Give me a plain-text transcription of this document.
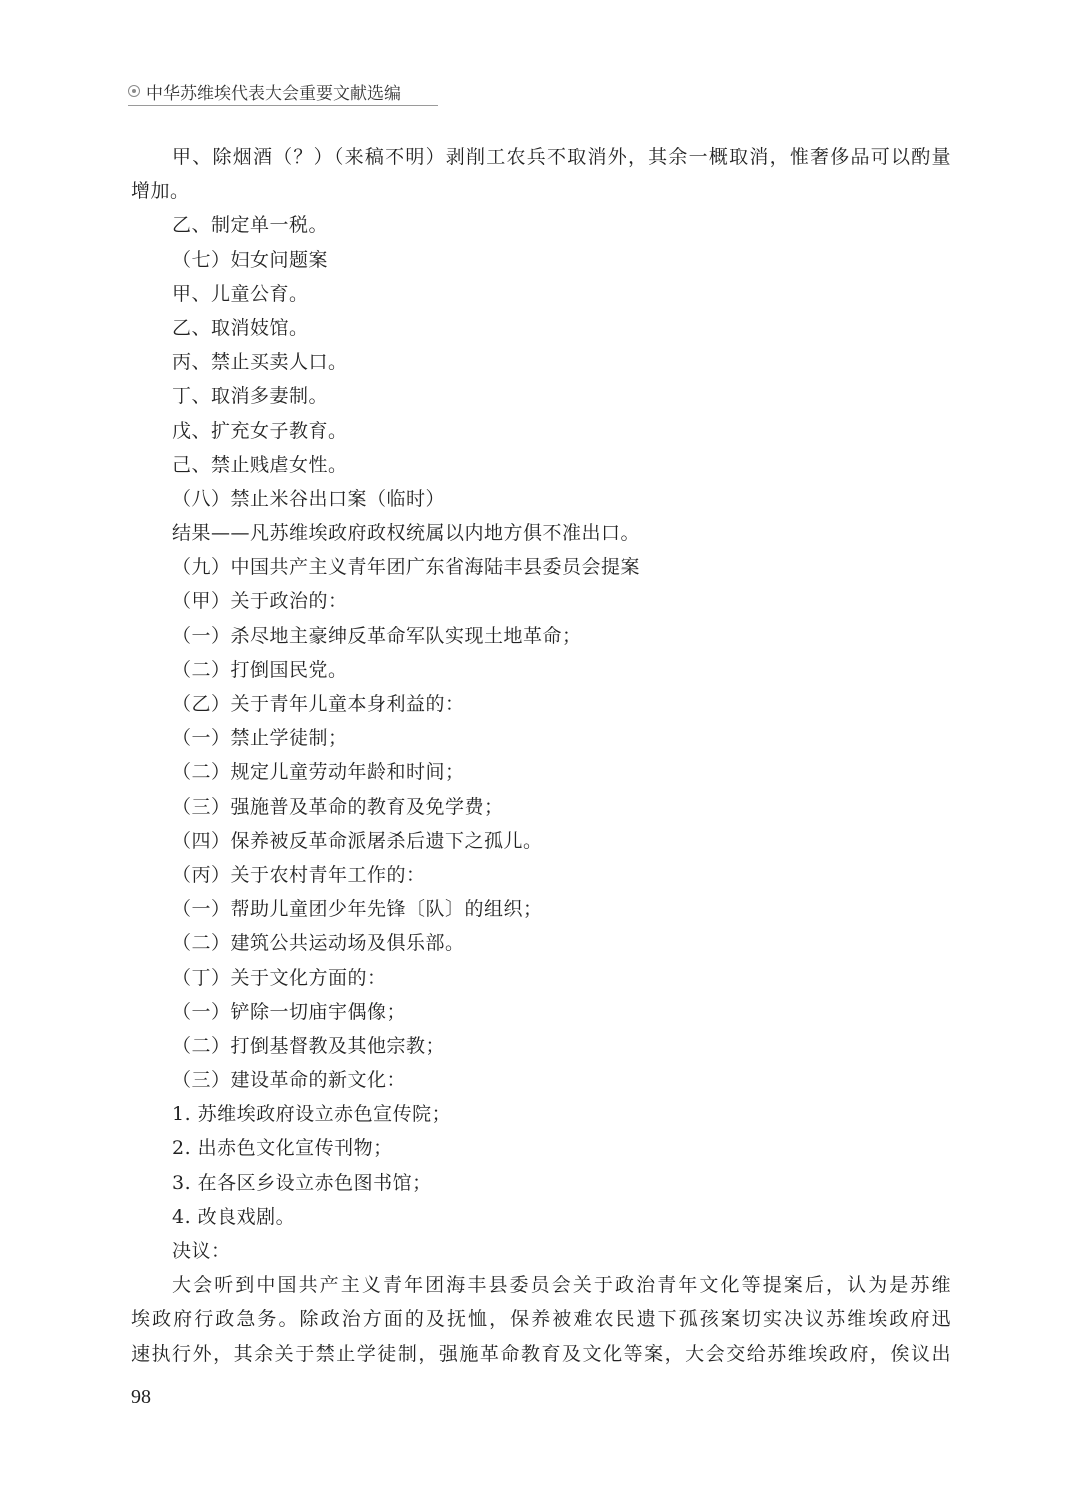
中华苏维埃代表大会重要文献选编
甲、除烟酒（？）（来稿不明）剥削工农兵不取消外，其余一概取消，惟奢侈品可以酌量
增加。
乙、制定单一税。
（七）妇女问题案
甲、儿童公育。
乙、取消妓馆。
丙、禁止买卖人口。
丁、取消多妻制。
戊、扩充女子教育。
己、禁止贱虐女性。
（八）禁止米谷出口案（临时）
结果——凡苏维埃政府政权统属以内地方俱不准出口。
（九）中国共产主义青年团广东省海陆丰县委员会提案
（甲）关于政治的：
（一）杀尽地主豪绅反革命军队实现土地革命；
（二）打倒国民党。
（乙）关于青年儿童本身利益的：
（一）禁止学徒制；
（二）规定儿童劳动年龄和时间；
（三）强施普及革命的教育及免学费；
（四）保养被反革命派屠杀后遗下之孤儿。
（丙）关于农村青年工作的：
（一）帮助儿童团少年先锋〔队〕的组织；
（二）建筑公共运动场及俱乐部。
（丁）关于文化方面的：
（一）铲除一切庙宇偶像；
（二）打倒基督教及其他宗教；
（三）建设革命的新文化：
1. 苏维埃政府设立赤色宣传院；
2. 出赤色文化宣传刊物；
3. 在各区乡设立赤色图书馆；
4. 改良戏剧。
决议：
大会听到中国共产主义青年团海丰县委员会关于政治青年文化等提案后，认为是苏维
埃政府行政急务。除政治方面的及抚恤，保养被难农民遗下孤孩案切实决议苏维埃政府迅
速执行外，其余关于禁止学徒制，强施革命教育及文化等案，大会交给苏维埃政府，俟议出
98
